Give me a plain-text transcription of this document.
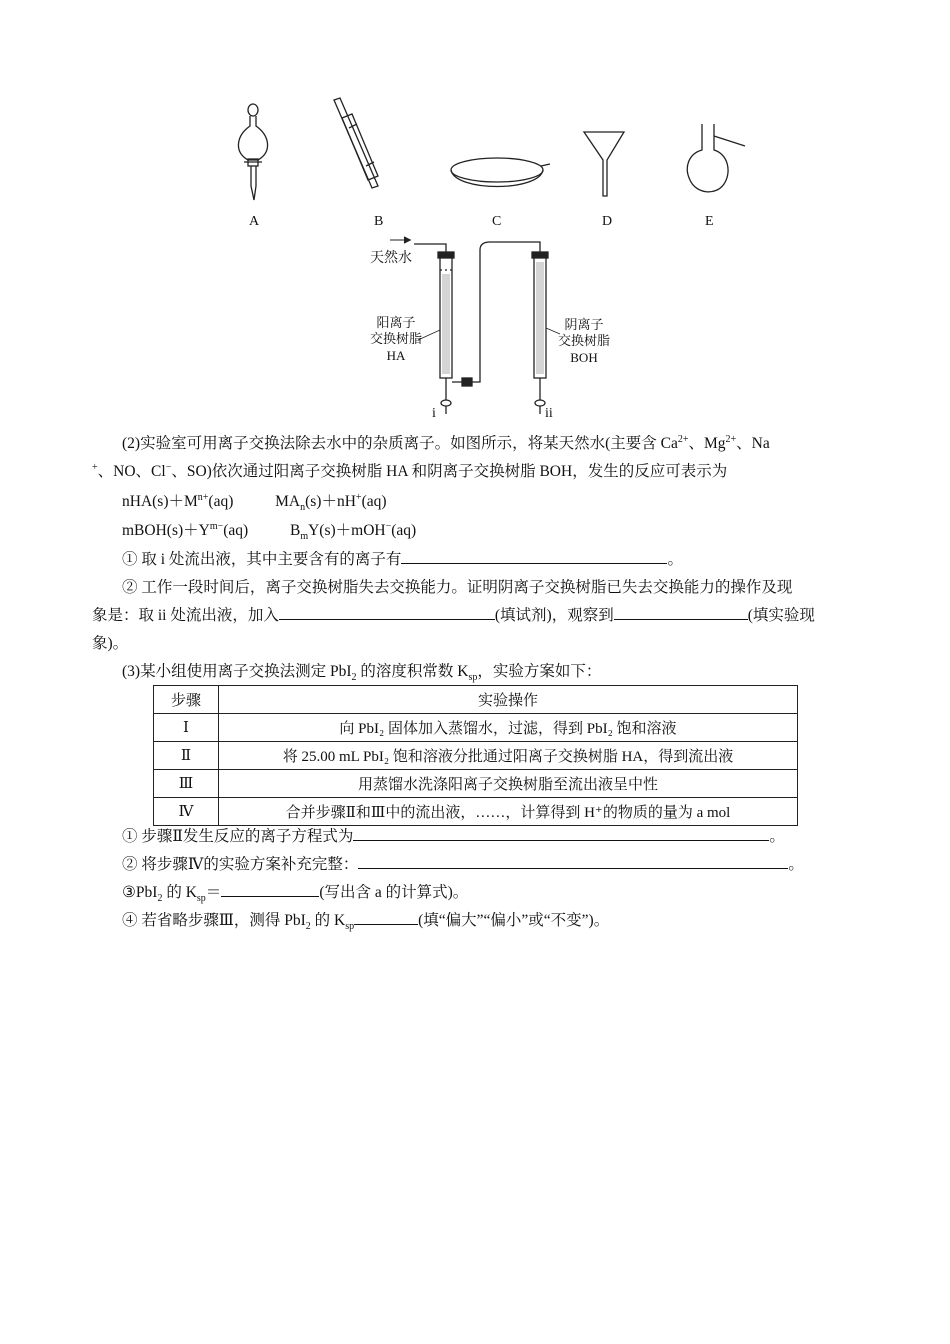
A	B	C	D	E
天然水
阳离子
交换树脂
HA
阴离子
交换树脂
BOH
i	ii
(2)实验室可用离子交换法除去水中的杂质离子。如图所示，将某天然水(主要含 $Ca^{2+}$、$Mg^{2+}$、Na
+、NO、Cl−、SO)依次通过阳离子交换树脂 HA 和阴离子交换树脂 BOH，发生的反应可表示为
$nHA(s)+M^{n+}(aq)$	$MA_n(s)+nH^+(aq)$
$mBOH(s)+Y^{m-}(aq)$	$B_mY(s)+mOH^-(aq)$
① 取 i 处流出液，其中主要含有的离子有	。
② 工作一段时间后，离子交换树脂失去交换能力。证明阴离子交换树脂已失去交换能力的操作及现
象是：取 ii 处流出液，加入	(填试剂)，观察到	(填实验现
象)。
(3)某小组使用离子交换法测定 PbI$_2$ 的溶度积常数 $K_{sp}$，实验方案如下：
步骤	实验操作
Ⅰ	向 PbI₂ 固体加入蒸馏水，过滤，得到 PbI₂ 饱和溶液
Ⅱ	将 25.00 mL PbI₂ 饱和溶液分批通过阳离子交换树脂 HA，得到流出液
Ⅲ	用蒸馏水洗涤阳离子交换树脂至流出液呈中性
Ⅳ	合并步骤Ⅱ和Ⅲ中的流出液，……，计算得到 H⁺的物质的量为 a mol
① 步骤Ⅱ发生反应的离子方程式为	。
② 将步骤Ⅳ的实验方案补充完整：	。
③PbI$_2$ 的 $K_{sp}=$	(写出含 a 的计算式)。
④ 若省略步骤Ⅲ，测得 PbI$_2$ 的 $K_{sp}$	(填“偏大”“偏小”或“不变”)。
